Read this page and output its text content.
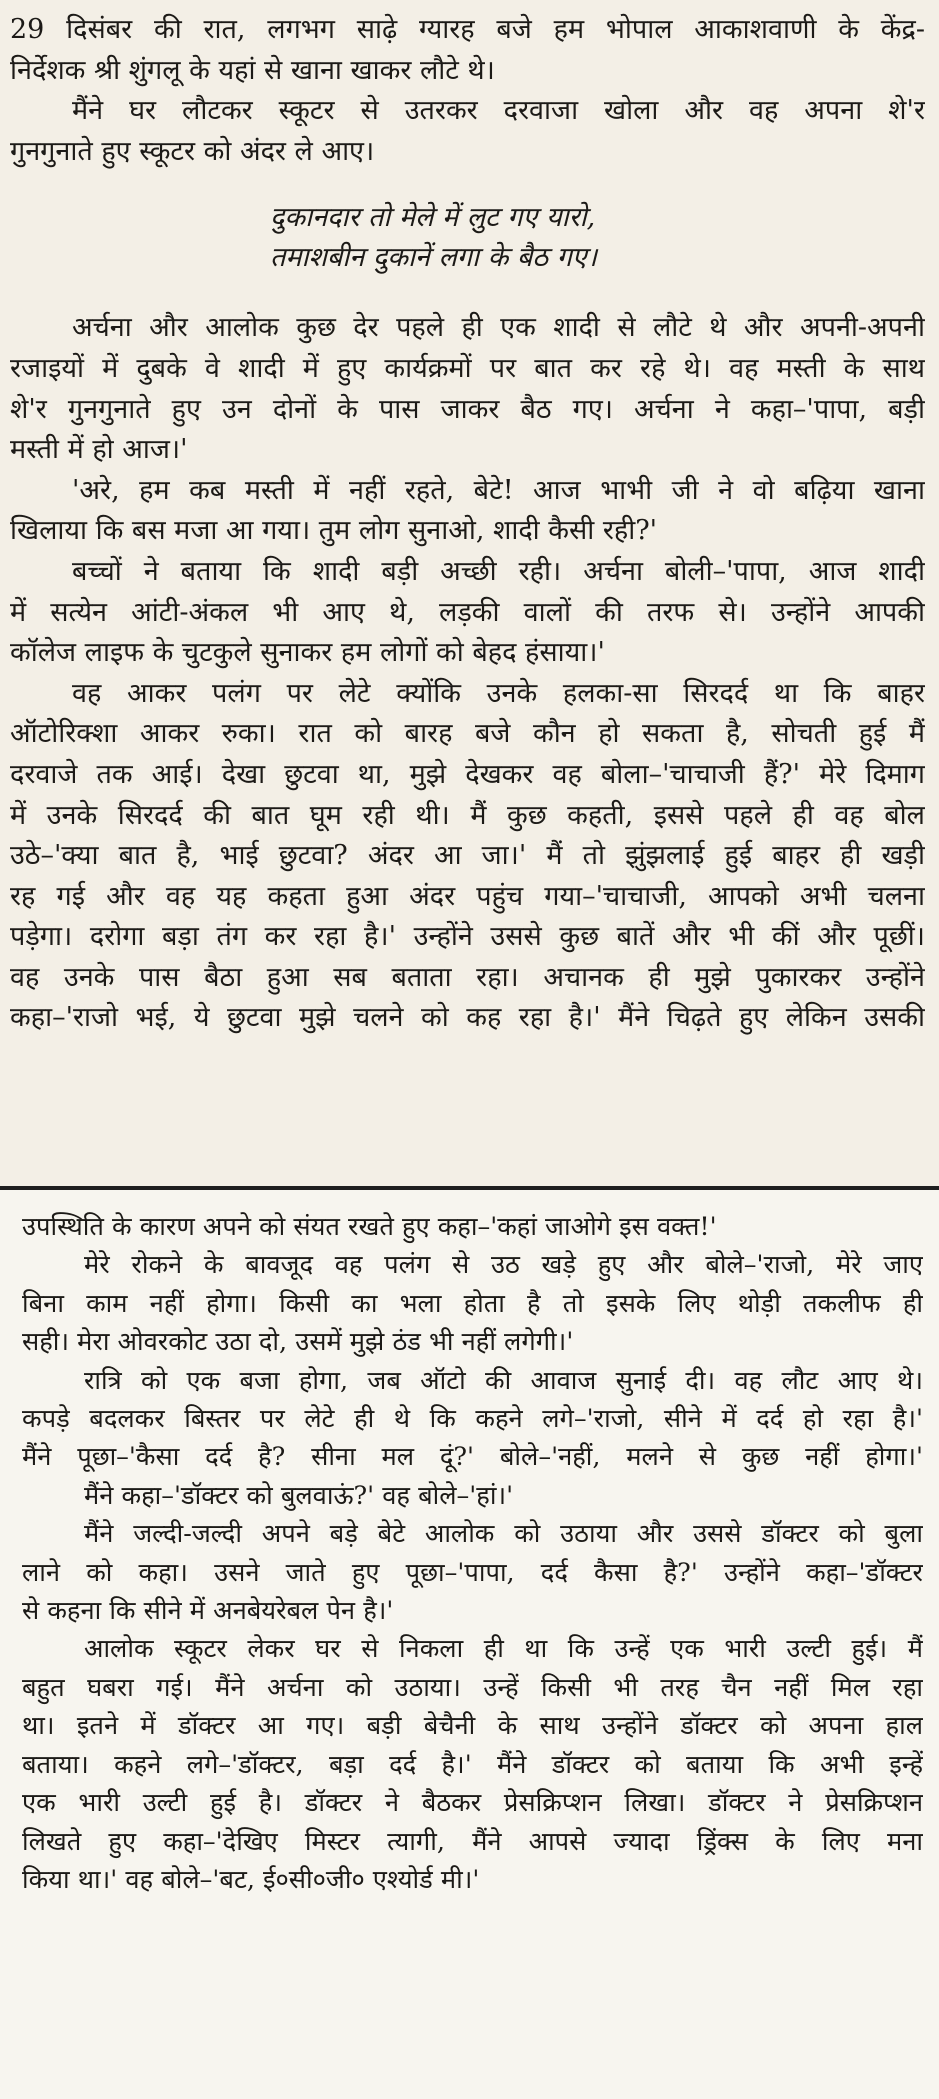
29 दिसंबर की रात, लगभग साढ़े ग्यारह बजे हम भोपाल आकाशवाणी के केंद्र-
निर्देशक श्री शुंगलू के यहां से खाना खाकर लौटे थे।
मैंने घर लौटकर स्कूटर से उतरकर दरवाजा खोला और वह अपना शे'र
गुनगुनाते हुए स्कूटर को अंदर ले आए।
दुकानदार तो मेले में लुट गए यारो,
तमाशबीन दुकानें लगा के बैठ गए।
अर्चना और आलोक कुछ देर पहले ही एक शादी से लौटे थे और अपनी-अपनी
रजाइयों में दुबके वे शादी में हुए कार्यक्रमों पर बात कर रहे थे। वह मस्ती के साथ
शे'र गुनगुनाते हुए उन दोनों के पास जाकर बैठ गए। अर्चना ने कहा–'पापा, बड़ी
मस्ती में हो आज।'
'अरे, हम कब मस्ती में नहीं रहते, बेटे! आज भाभी जी ने वो बढ़िया खाना
खिलाया कि बस मजा आ गया। तुम लोग सुनाओ, शादी कैसी रही?'
बच्चों ने बताया कि शादी बड़ी अच्छी रही। अर्चना बोली–'पापा, आज शादी
में सत्येन आंटी-अंकल भी आए थे, लड़की वालों की तरफ से। उन्होंने आपकी
कॉलेज लाइफ के चुटकुले सुनाकर हम लोगों को बेहद हंसाया।'
वह आकर पलंग पर लेटे क्योंकि उनके हलका-सा सिरदर्द था कि बाहर
ऑटोरिक्शा आकर रुका। रात को बारह बजे कौन हो सकता है, सोचती हुई मैं
दरवाजे तक आई। देखा छुटवा था, मुझे देखकर वह बोला–'चाचाजी हैं?' मेरे दिमाग
में उनके सिरदर्द की बात घूम रही थी। मैं कुछ कहती, इससे पहले ही वह बोल
उठे–'क्या बात है, भाई छुटवा? अंदर आ जा।' मैं तो झुंझलाई हुई बाहर ही खड़ी
रह गई और वह यह कहता हुआ अंदर पहुंच गया–'चाचाजी, आपको अभी चलना
पड़ेगा। दरोगा बड़ा तंग कर रहा है।' उन्होंने उससे कुछ बातें और भी कीं और पूछीं।
वह उनके पास बैठा हुआ सब बताता रहा। अचानक ही मुझे पुकारकर उन्होंने
कहा–'राजो भई, ये छुटवा मुझे चलने को कह रहा है।' मैंने चिढ़ते हुए लेकिन उसकी
उपस्थिति के कारण अपने को संयत रखते हुए कहा–'कहां जाओगे इस वक्त!'
मेरे रोकने के बावजूद वह पलंग से उठ खड़े हुए और बोले–'राजो, मेरे जाए
बिना काम नहीं होगा। किसी का भला होता है तो इसके लिए थोड़ी तकलीफ ही
सही। मेरा ओवरकोट उठा दो, उसमें मुझे ठंड भी नहीं लगेगी।'
रात्रि को एक बजा होगा, जब ऑटो की आवाज सुनाई दी। वह लौट आए थे।
कपड़े बदलकर बिस्तर पर लेटे ही थे कि कहने लगे–'राजो, सीने में दर्द हो रहा है।'
मैंने पूछा–'कैसा दर्द है? सीना मल दूं?' बोले–'नहीं, मलने से कुछ नहीं होगा।'
मैंने कहा–'डॉक्टर को बुलवाऊं?' वह बोले–'हां।'
मैंने जल्दी-जल्दी अपने बड़े बेटे आलोक को उठाया और उससे डॉक्टर को बुला
लाने को कहा। उसने जाते हुए पूछा–'पापा, दर्द कैसा है?' उन्होंने कहा–'डॉक्टर
से कहना कि सीने में अनबेयरेबल पेन है।'
आलोक स्कूटर लेकर घर से निकला ही था कि उन्हें एक भारी उल्टी हुई। मैं
बहुत घबरा गई। मैंने अर्चना को उठाया। उन्हें किसी भी तरह चैन नहीं मिल रहा
था। इतने में डॉक्टर आ गए। बड़ी बेचैनी के साथ उन्होंने डॉक्टर को अपना हाल
बताया। कहने लगे–'डॉक्टर, बड़ा दर्द है।' मैंने डॉक्टर को बताया कि अभी इन्हें
एक भारी उल्टी हुई है। डॉक्टर ने बैठकर प्रेसक्रिप्शन लिखा। डॉक्टर ने प्रेसक्रिप्शन
लिखते हुए कहा–'देखिए मिस्टर त्यागी, मैंने आपसे ज्यादा ड्रिंक्स के लिए मना
किया था।' वह बोले–'बट, ई०सी०जी० एश्योर्ड मी।'
